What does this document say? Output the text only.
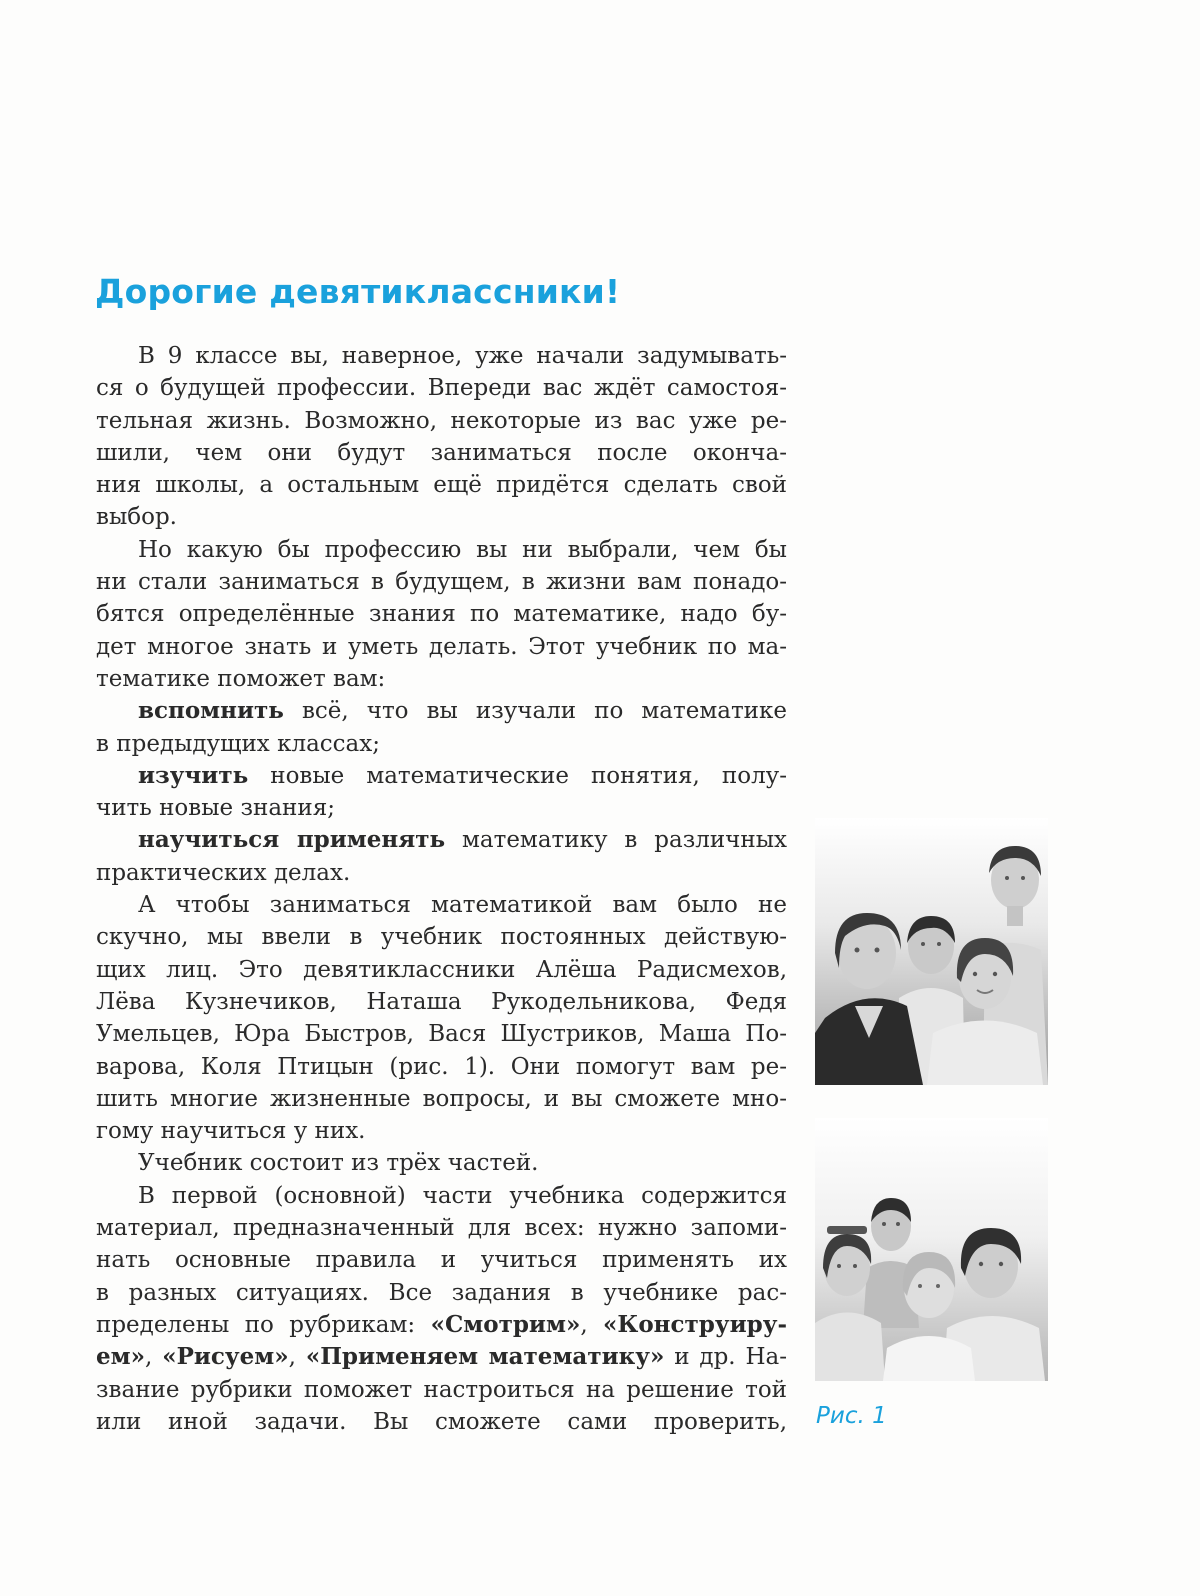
Дорогие девятиклассники!

В 9 классе вы, наверное, уже начали задумывать-
ся о будущей профессии. Впереди вас ждёт самостоя-
тельная жизнь. Возможно, некоторые из вас уже ре-
шили, чем они будут заниматься после оконча-
ния школы, а остальным ещё придётся сделать свой
выбор.

Но какую бы профессию вы ни выбрали, чем бы
ни стали заниматься в будущем, в жизни вам понадо-
бятся определённые знания по математике, надо бу-
дет многое знать и уметь делать. Этот учебник по ма-
тематике поможет вам:

вспомнить всё, что вы изучали по математике
в предыдущих классах;

изучить новые математические понятия, полу-
чить новые знания;

научиться применять математику в различных
практических делах.

А чтобы заниматься математикой вам было не
скучно, мы ввели в учебник постоянных действую-
щих лиц. Это девятиклассники Алёша Радисмехов,
Лёва Кузнечиков, Наташа Рукодельникова, Федя
Умельцев, Юра Быстров, Вася Шустриков, Маша По-
варова, Коля Птицын (рис. 1). Они помогут вам ре-
шить многие жизненные вопросы, и вы сможете мно-
гому научиться у них.

Учебник состоит из трёх частей.

В первой (основной) части учебника содержится
материал, предназначенный для всех: нужно запоми-
нать основные правила и учиться применять их
в разных ситуациях. Все задания в учебнике рас-
пределены по рубрикам: «Смотрим», «Конструиру-
ем», «Рисуем», «Применяем математику» и др. На-
звание рубрики поможет настроиться на решение той
или иной задачи. Вы сможете сами проверить, Рис. 1
